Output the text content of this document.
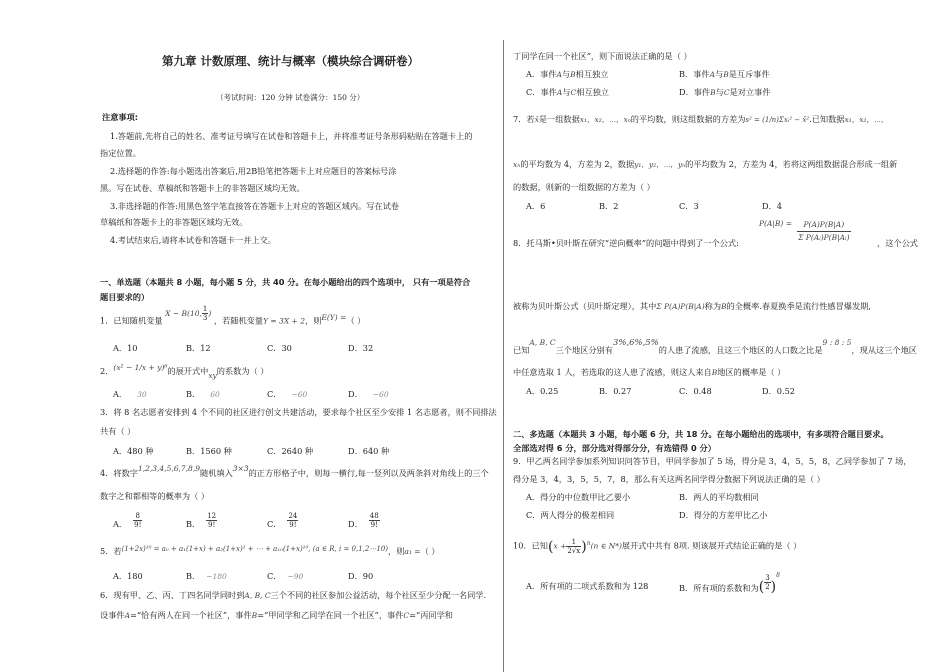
第九章 计数原理、统计与概率（模块综合调研卷）
（考试时间：120 分钟 试卷满分：150 分）
注意事项:
1.答题前,先将自己的姓名、准考证号填写在试卷和答题卡上，并将准考证号条形码粘贴在答题卡上的
指定位置。
2.选择题的作答:每小题选出答案后,用2B铅笔把答题卡上对应题目的答案标号涂
黑。写在试卷、草稿纸和答题卡上的非答题区域均无效。
3.非选择题的作答:用黑色签字笔直接答在答题卡上对应的答题区域内。写在试卷
草稿纸和答题卡上的非答题区域均无效。
4.考试结束后,请将本试卷和答题卡一并上交。
一、单选题（本题共 8 小题，每小题 5 分，共 40 分。在每小题给出的四个选项中， 只有一项是符合
题目要求的）
1．已知随机变量 X ~ B(10, $\frac{1}{3}$ ) ，若随机变量Y = 3X + 2，则E(Y) =（ ）
A．10	B．12	C．30	D．32
2．(x² − 1/x + y)⁶的展开式中xy的系数为（ ）
A． 30	B． 60	C． −60	D． −60
3．将 8 名志愿者安排到 4 个不同的社区进行创文共建活动，要求每个社区至少安排 1 名志愿者，则不同排法
共有（ ）
A．480 种	B．1560 种	C．2640 种	D．640 种
4．将数字1,2,3,4,5,6,7,8,9随机填入3×3的正方形格子中，则每一横行,每一竖列以及两条斜对角线上的三个
数字之和都相等的概率为（ ）
A． $\frac{8}{9!}$	B． $\frac{12}{9!}$	C． $\frac{24}{9!}$	D． $\frac{48}{9!}$
5．若(1+2x)¹⁰ = a₀ + a₁(1+x) + a₂(1+x)² + ⋯ + a₁₀(1+x)¹⁰, (a ∈ R, i = 0,1,2⋯10)，则a₁ =（ ）
A．180	B． −180	C． −90	D．90
6．现有甲、乙、丙、丁四名同学同时到A, B, C三个不同的社区参加公益活动，每个社区至少分配一名同学.
设事件A=“恰有两人在同一个社区”，事件B=“甲同学和乙同学在同一个社区”，事件C=“丙同学和
丁同学在同一个社区”，则下面说法正确的是（ ）
A．事件A与B相互独立	B．事件A与B是互斥事件
C．事件A与C相互独立	D．事件B与C是对立事件
7．若x̄是一组数据x₁，x₂，⋯，xₙ的平均数，则这组数据的方差为s² = (1/n)Σxᵢ² − x̄².已知数据x₁，x₂，⋯，
xₙ的平均数为 4，方差为 2，数据y₁，y₂，⋯，yₙ的平均数为 2，方差为 4，若将这两组数据混合形成一组新
的数据，则新的一组数据的方差为（ ）
A．6	B．2	C．3	D．4
8．托马斯•贝叶斯在研究“逆向概率”的问题中得到了一个公式:
$^{P(A|B) =} \frac{P(A)P(B|A)}{\text{Σ P(Aᵢ)P(B|Aᵢ)}}$	，这个公式
被称为贝叶斯公式（贝叶斯定理），其中Σ P(A)P(B|A)称为B的全概率.春夏换季是流行性感冒爆发期,
已知A, B, C三个地区分别有3%,6%,5%的人患了流感，且这三个地区的人口数之比是9 : 8 : 5，现从这三个地区
中任意选取 1 人，若选取的这人患了流感，则这人来自B地区的概率是（ ）
A．0.25	B．0.27	C．0.48	D．0.52
二、多选题（本题共 3 小题，每小题 6 分，共 18 分。在每小题给出的选项中，有多项符合题目要求。
全部选对得 6 分，部分选对得部分分，有选错得 0 分）
9．甲乙两名同学参加系列知识问答节目，甲同学参加了 5 场，得分是 3，4，5，5，8，乙同学参加了 7 场，
得分是 3，4，3，5，5，7，8，那么有关这两名同学得分数据下列说法正确的是（ ）
A．得分的中位数甲比乙要小	B．两人的平均数相同
C．两人得分的极差相同	D．得分的方差甲比乙小
10．已知$(x + \frac{1}{2√x} )^n(n$ ∈ N*)展开式中共有 8项. 则该展开式结论正确的是（ ）
A．所有项的二项式系数和为 128	B．所有项的系数和为( $\frac{3}{2} )^8$
